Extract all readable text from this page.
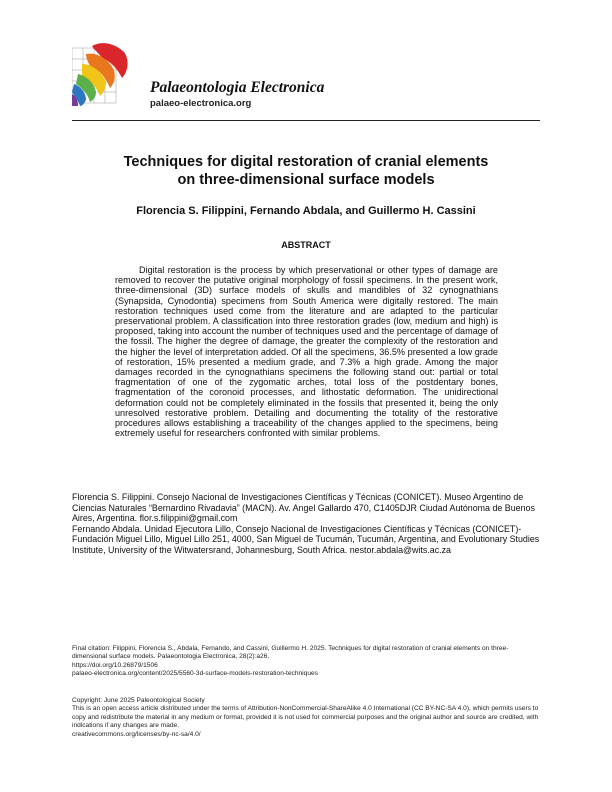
Palaeontologia Electronica
palaeo-electronica.org
Techniques for digital restoration of cranial elements
on three-dimensional surface models
Florencia S. Filippini, Fernando Abdala, and Guillermo H. Cassini
ABSTRACT

Digital restoration is the process by which preservational or other types of damage are removed to recover the putative original morphology of fossil specimens. In the present work, three-dimensional (3D) surface models of skulls and mandibles of 32 cynognathians (Synapsida, Cynodontia) specimens from South America were digitally restored. The main restoration techniques used come from the literature and are adapted to the particular preservational problem. A classification into three restoration grades (low, medium and high) is proposed, taking into account the number of techniques used and the percentage of damage of the fossil. The higher the degree of damage, the greater the complexity of the restoration and the higher the level of interpretation added. Of all the specimens, 36.5% presented a low grade of restoration, 15% presented a medium grade, and 7.3% a high grade. Among the major damages recorded in the cynognathians specimens the following stand out: partial or total fragmentation of one of the zygomatic arches, total loss of the postdentary bones, fragmentation of the coronoid processes, and lithostatic deformation. The unidirectional deformation could not be completely eliminated in the fossils that presented it, being the only unresolved restorative problem. Detailing and documenting the totality of the restorative procedures allows establishing a traceability of the changes applied to the specimens, being extremely useful for researchers confronted with similar problems.

Florencia S. Filippini. Consejo Nacional de Investigaciones Científicas y Técnicas (CONICET). Museo Argentino de Ciencias Naturales “Bernardino Rivadavia” (MACN). Av. Angel Gallardo 470, C1405DJR Ciudad Autónoma de Buenos Aires, Argentina. flor.s.filippini@gmail.com

Fernando Abdala. Unidad Ejecutora Lillo, Consejo Nacional de Investigaciones Científicas y Técnicas (CONICET)-Fundación Miguel Lillo, Miguel Lillo 251, 4000, San Miguel de Tucumán, Tucumán, Argentina, and Evolutionary Studies Institute, University of the Witwatersrand, Johannesburg, South Africa. nestor.abdala@wits.ac.za

Final citation: Filippini, Florencia S., Abdala, Fernando, and Cassini, Guillermo H. 2025. Techniques for digital restoration of cranial elements on three-dimensional surface models. Palaeontologia Electronica, 28(2):a26.

https://doi.org/10.26879/1506

palaeo-electronica.org/content/2025/5560-3d-surface-models-restoration-techniques

Copyright: June 2025 Paleontological Society

This is an open access article distributed under the terms of Attribution-NonCommercial-ShareAlike 4.0 International (CC BY-NC-SA 4.0), which permits users to copy and redistribute the material in any medium or format, provided it is not used for commercial purposes and the original author and source are credited, with indications if any changes are made.

creativecommons.org/licenses/by-nc-sa/4.0/
